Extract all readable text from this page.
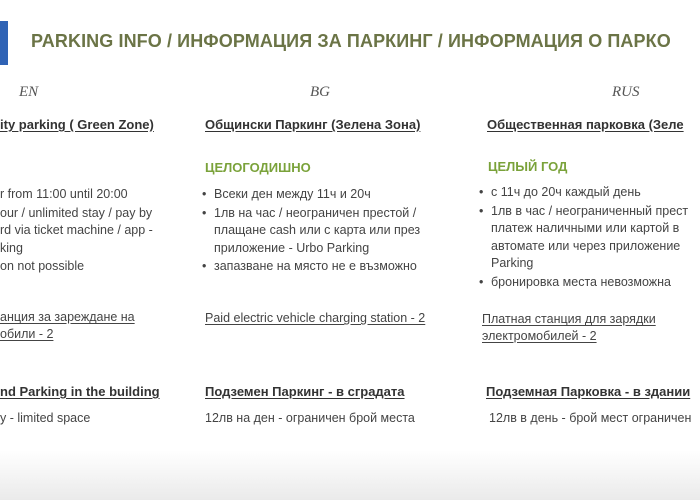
PARKING INFO / ИНФОРМАЦИЯ ЗА ПАРКИНГ / ИНФОРМАЦИЯ О ПАРКО
EN
ity parking ( Green Zone)
r from 11:00 until 20:00
our / unlimited stay / pay by
rd via ticket machine / app -
king
on not possible
анция за зареждане на
обили - 2
nd Parking in the building
y - limited space
BG
Общински Паркинг (Зелена Зона)
ЦЕЛОГОДИШНО
• Всеки ден между 11ч и 20ч
• 1лв на час / неограничен престой /
плащане cash или с карта или през
приложение - Urbo Parking
• запазване на място не е възможно
Paid electric vehicle charging station - 2
Подземен Паркинг - в сградата
12лв на ден - ограничен брой места
RUS
Общественная парковка (Зеле
ЦЕЛЫЙ ГОД
• с 11ч до 20ч каждый день
• 1лв в час / неограниченный прест
платеж наличными или картой в
автомате или через приложение
Parking
• бронировка места невозможна
Платная станция для зарядки
электромобилей - 2
Подземная Парковка - в здании
12лв в день - брой мест ограничен
